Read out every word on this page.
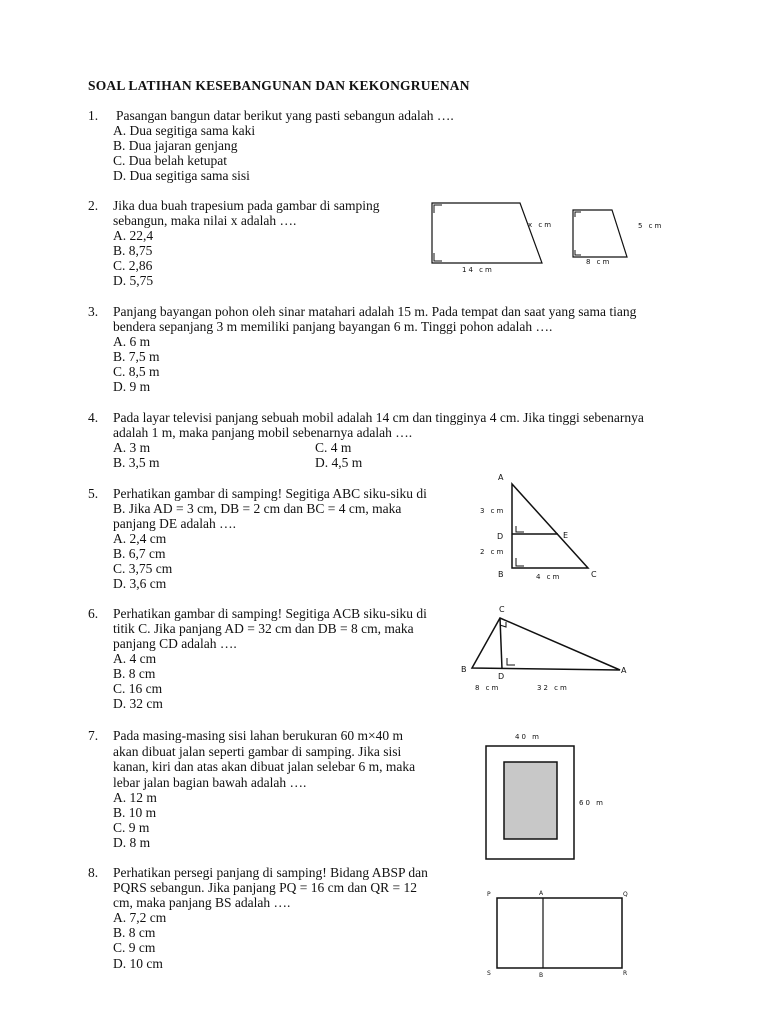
SOAL LATIHAN KESEBANGUNAN DAN KEKONGRUENAN
1. Pasangan bangun datar berikut yang pasti sebangun adalah ….
A. Dua segitiga sama kaki
B. Dua jajaran genjang
C. Dua belah ketupat
D. Dua segitiga sama sisi
2. Jika dua buah trapesium pada gambar di samping
sebangun, maka nilai x adalah ….
A. 22,4
B. 8,75
C. 2,86
D. 5,75
x cm
14 cm
5 cm
8 cm
3. Panjang bayangan pohon oleh sinar matahari adalah 15 m. Pada tempat dan saat yang sama tiang
bendera sepanjang 3 m memiliki panjang bayangan 6 m. Tinggi pohon adalah ….
A. 6 m
B. 7,5 m
C. 8,5 m
D. 9 m
4. Pada layar televisi panjang sebuah mobil adalah 14 cm dan tingginya 4 cm. Jika tinggi sebenarnya
adalah 1 m, maka panjang mobil sebenarnya adalah ….
A. 3 m
B. 3,5 m
C. 4 m
D. 4,5 m
5. Perhatikan gambar di samping! Segitiga ABC siku-siku di
B. Jika AD = 3 cm, DB = 2 cm dan BC = 4 cm, maka
panjang DE adalah ….
A. 2,4 cm
B. 6,7 cm
C. 3,75 cm
D. 3,6 cm
A
D	E
B	C
3 cm
2 cm
4 cm
6. Perhatikan gambar di samping! Segitiga ACB siku-siku di
titik C. Jika panjang AD = 32 cm dan DB = 8 cm, maka
panjang CD adalah ….
A. 4 cm
B. 8 cm
C. 16 cm
D. 32 cm
C
B
D
A
8 cm	32 cm
7. Pada masing-masing sisi lahan berukuran 60 m×40 m
akan dibuat jalan seperti gambar di samping. Jika sisi
kanan, kiri dan atas akan dibuat jalan selebar 6 m, maka
lebar jalan bagian bawah adalah ….
A. 12 m
B. 10 m
C. 9 m
D. 8 m
40 m
60 m
8. Perhatikan persegi panjang di samping! Bidang ABSP dan
PQRS sebangun. Jika panjang PQ = 16 cm dan QR = 12
cm, maka panjang BS adalah ….
A. 7,2 cm
B. 8 cm
C. 9 cm
D. 10 cm
P	A	Q
S	B	R
